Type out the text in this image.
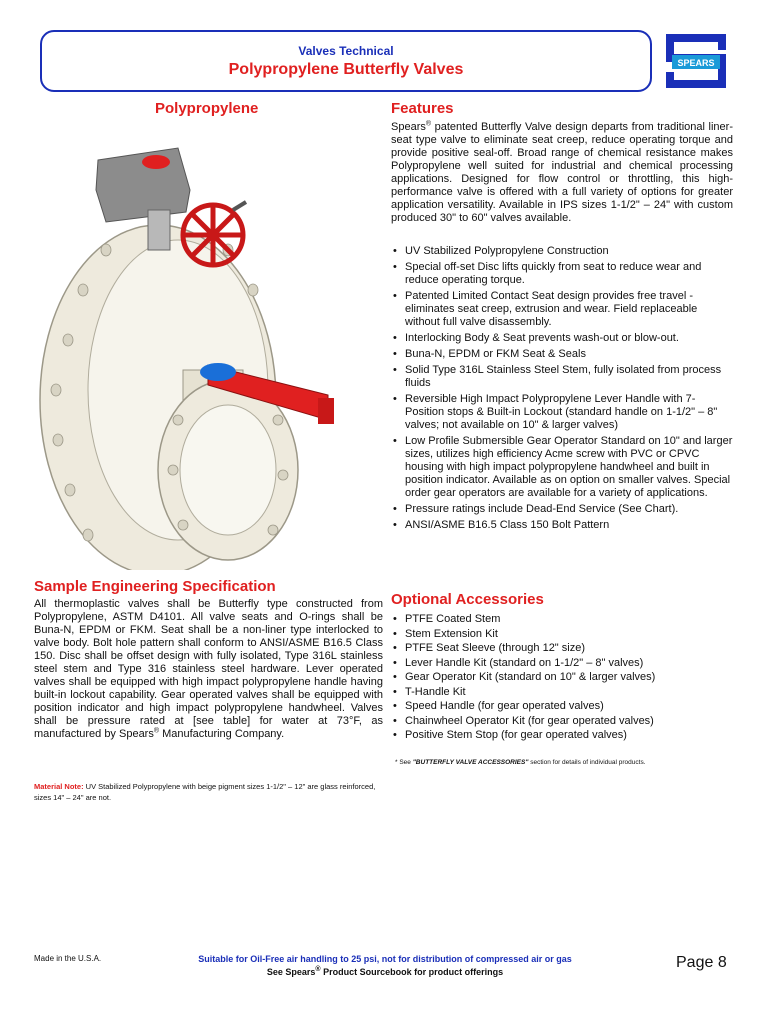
Valves Technical
Polypropylene Butterfly Valves	SPEARS
Polypropylene
Sample Engineering Specification

All thermoplastic valves shall be Butterfly type constructed from Polypropylene, ASTM D4101. All valve seats and O-rings shall be Buna-N, EPDM or FKM. Seat shall be a non-liner type interlocked to valve body. Bolt hole pattern shall conform to ANSI/ASME B16.5 Class 150. Disc shall be offset design with fully isolated, Type 316L stainless steel stem and Type 316 stainless steel hardware. Lever operated valves shall be equipped with high impact polypropylene handle having built-in lockout capability. Gear operated valves shall be equipped with position indicator and high impact polypropylene handwheel. Valves shall be pressure rated at [see table] for water at 73°F, as manufactured by Spears® Manufacturing Company.

Material Note: UV Stabilized Polypropylene with beige pigment sizes 1-1/2" – 12" are glass reinforced, sizes 14" – 24" are not.

Features

Spears® patented Butterfly Valve design departs from traditional liner-seat type valve to eliminate seat creep, reduce operating torque and provide positive seal-off. Broad range of chemical resistance makes Polypropylene well suited for industrial and chemical processing applications. Designed for flow control or throttling, this high-performance valve is offered with a full variety of options for greater application versatility. Available in IPS sizes 1-1/2" – 24" with custom produced 30" to 60" valves available.

• UV Stabilized Polypropylene Construction
• Special off-set Disc lifts quickly from seat to reduce wear and reduce operating torque.
• Patented Limited Contact Seat design provides free travel - eliminates seat creep, extrusion and wear. Field replaceable without full valve disassembly.
• Interlocking Body & Seat prevents wash-out or blow-out.
• Buna-N, EPDM or FKM Seat & Seals
• Solid Type 316L Stainless Steel Stem, fully isolated from process fluids
• Reversible High Impact Polypropylene Lever Handle with 7-Position stops & Built-in Lockout (standard handle on 1-1/2" – 8" valves; not available on 10" & larger valves)
• Low Profile Submersible Gear Operator Standard on 10" and larger sizes, utilizes high efficiency Acme screw with PVC or CPVC housing with high impact polypropylene handwheel and built in position indicator. Available as on option on smaller valves. Special order gear operators are available for a variety of applications.
• Pressure ratings include Dead-End Service (See Chart).
• ANSI/ASME B16.5 Class 150 Bolt Pattern
Optional Accessories
• PTFE Coated Stem
• Stem Extension Kit
• PTFE Seat Sleeve (through 12" size)
• Lever Handle Kit (standard on 1-1/2" – 8" valves)
• Gear Operator Kit (standard on 10" & larger valves)
• T-Handle Kit
• Speed Handle (for gear operated valves)
• Chainwheel Operator Kit (for gear operated valves)
• Positive Stem Stop (for gear operated valves)

* See "BUTTERFLY VALVE ACCESSORIES" section for details of individual products.

Made in the U.S.A.	Suitable for Oil-Free air handling to 25 psi, not for distribution of compressed air or gas
See Spears® Product Sourcebook for product offerings
Page 8
